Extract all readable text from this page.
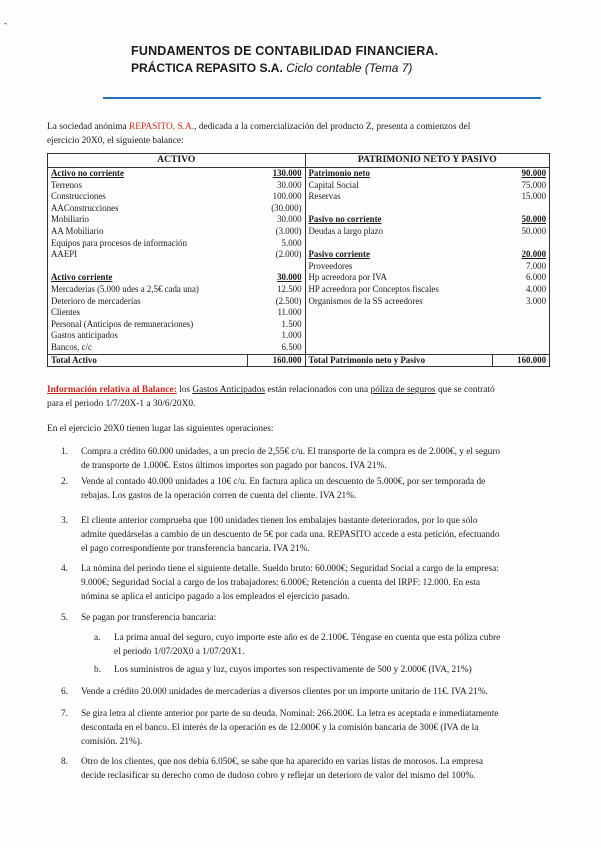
-
FUNDAMENTOS DE CONTABILIDAD FINANCIERA.
PRÁCTICA REPASITO S.A. Ciclo contable (Tema 7)
La sociedad anónima REPASITO, S.A., dedicada a la comercialización del producto Z, presenta a comienzos del
ejercicio 20X0, el siguiente balance:
ACTIVO		PATRIMONIO NETO Y PASIVO	
Activo no corriente	130.000	Patrimonio neto	90.000
Terrenos	30.000	Capital Social	75.000
Construcciones	100.000	Reservas	15.000
AAConstrucciones	(30.000)		
Mobiliario	30.000	Pasivo no corriente	50.000
AA Mobiliario	(3.000)	Deudas a largo plazo	50.000
Equipos para procesos de información	5.000		
AAEPI	(2.000)	Pasivo corriente	20.000
		Proveedores	7.000
Activo corriente	30.000	Hp acreedora por IVA	6.000
Mercaderías (5.000 udes a 2,5€ cada una)	12.500	HP acreedora por Conceptos fiscales	4.000
Deterioro de mercaderías	(2.500)	Organismos de la SS acreedores	3.000
Clientes	11.000		
Personal (Anticipos de remuneraciones)	1.500		
Gastos anticipados	1.000		
Bancos, c/c	6.500		
Total Activo	160.000	Total Patrimonio neto y Pasivo	160.000
Información relativa al Balance: los Gastos Anticipados están relacionados con una póliza de seguros que se contrató
para el periodo 1/7/20X-1 a 30/6/20X0.
En el ejercicio 20X0 tienen lugar las siguientes operaciones:
1. Compra a crédito 60.000 unidades, a un precio de 2,55€ c/u. El transporte de la compra es de 2.000€, y el seguro
de transporte de 1.000€. Estos últimos importes son pagado por bancos. IVA 21%.
2. Vende al contado 40.000 unidades a 10€ c/u. En factura aplica un descuento de 5.000€, por ser temporada de
rebajas. Los gastos de la operación corren de cuenta del cliente. IVA 21%.
3. El cliente anterior comprueba que 100 unidades tienen los embalajes bastante deteriorados, por lo que sólo
admite quedárselas a cambio de un descuento de 5€ por cada una. REPASITO accede a esta petición, efectuando
el pago correspondiente por transferencia bancaria. IVA 21%.
4. La nómina del periodo tiene el siguiente detalle. Sueldo bruto: 60.000€; Seguridad Social a cargo de la empresa:
9.000€; Seguridad Social a cargo de los trabajadores: 6.000€; Retención a cuenta del IRPF: 12.000. En esta
nómina se aplica el anticipo pagado a los empleados el ejercicio pasado.
5. Se pagan por transferencia bancaria:
6. Vende a crédito 20.000 unidades de mercaderías a diversos clientes por un importe unitario de 11€. IVA 21%.
7. Se gira letra al cliente anterior por parte de su deuda. Nominal: 266.200€. La letra es aceptada e inmediatamente
descontada en el banco. El interés de la operación es de 12.000€ y la comisión bancaria de 300€ (IVA de la
comisión. 21%).
8. Otro de los clientes, que nos debía 6.050€, se sabe que ha aparecido en varias listas de morosos. La empresa
decide reclasificar su derecho como de dudoso cobro y reflejar un deterioro de valor del mismo del 100%.
a. La prima anual del seguro, cuyo importe este año es de 2.100€. Téngase en cuenta que esta póliza cubre
el periodo 1/07/20X0 a 1/07/20X1.
b. Los suministros de agua y luz, cuyos importes son respectivamente de 500 y 2.000€ (IVA, 21%)
